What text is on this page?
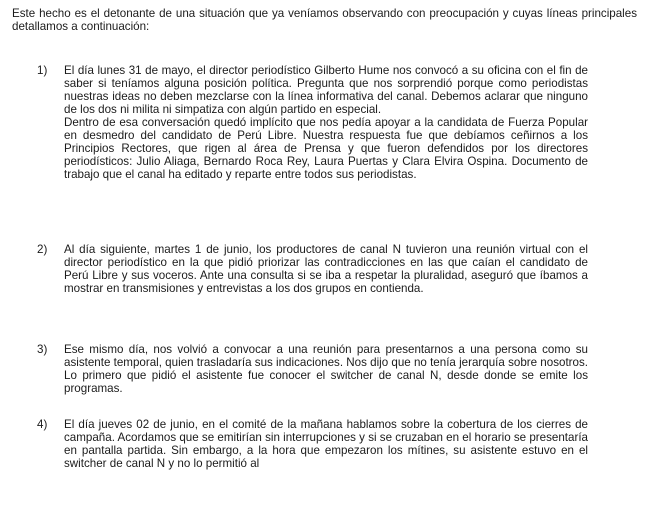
Este hecho es el detonante de una situación que ya veníamos observando con preocupación y cuyas líneas principales detallamos a continuación:

1) El día lunes 31 de mayo, el director periodístico Gilberto Hume nos convocó a su oficina con el fin de saber si teníamos alguna posición política. Pregunta que nos sorprendió porque como periodistas nuestras ideas no deben mezclarse con la línea informativa del canal. Debemos aclarar que ninguno de los dos ni milita ni simpatiza con algún partido en especial.

Dentro de esa conversación quedó implícito que nos pedía apoyar a la candidata de Fuerza Popular en desmedro del candidato de Perú Libre. Nuestra respuesta fue que debíamos ceñirnos a los Principios Rectores, que rigen al área de Prensa y que fueron defendidos por los directores periodísticos: Julio Aliaga, Bernardo Roca Rey, Laura Puertas y Clara Elvira Ospina. Documento de trabajo que el canal ha editado y reparte entre todos sus periodistas.

2) Al día siguiente, martes 1 de junio, los productores de canal N tuvieron una reunión virtual con el director periodístico en la que pidió priorizar las contradicciones en las que caían el candidato de Perú Libre y sus voceros. Ante una consulta si se iba a respetar la pluralidad, aseguró que íbamos a mostrar en transmisiones y entrevistas a los dos grupos en contienda.

3) Ese mismo día, nos volvió a convocar a una reunión para presentarnos a una persona como su asistente temporal, quien trasladaría sus indicaciones. Nos dijo que no tenía jerarquía sobre nosotros. Lo primero que pidió el asistente fue conocer el switcher de canal N, desde donde se emite los programas.

4) El día jueves 02 de junio, en el comité de la mañana hablamos sobre la cobertura de los cierres de campaña. Acordamos que se emitirían sin interrupciones y si se cruzaban en el horario se presentaría en pantalla partida. Sin embargo, a la hora que empezaron los mítines, su asistente estuvo en el switcher de canal N y no lo permitió al
